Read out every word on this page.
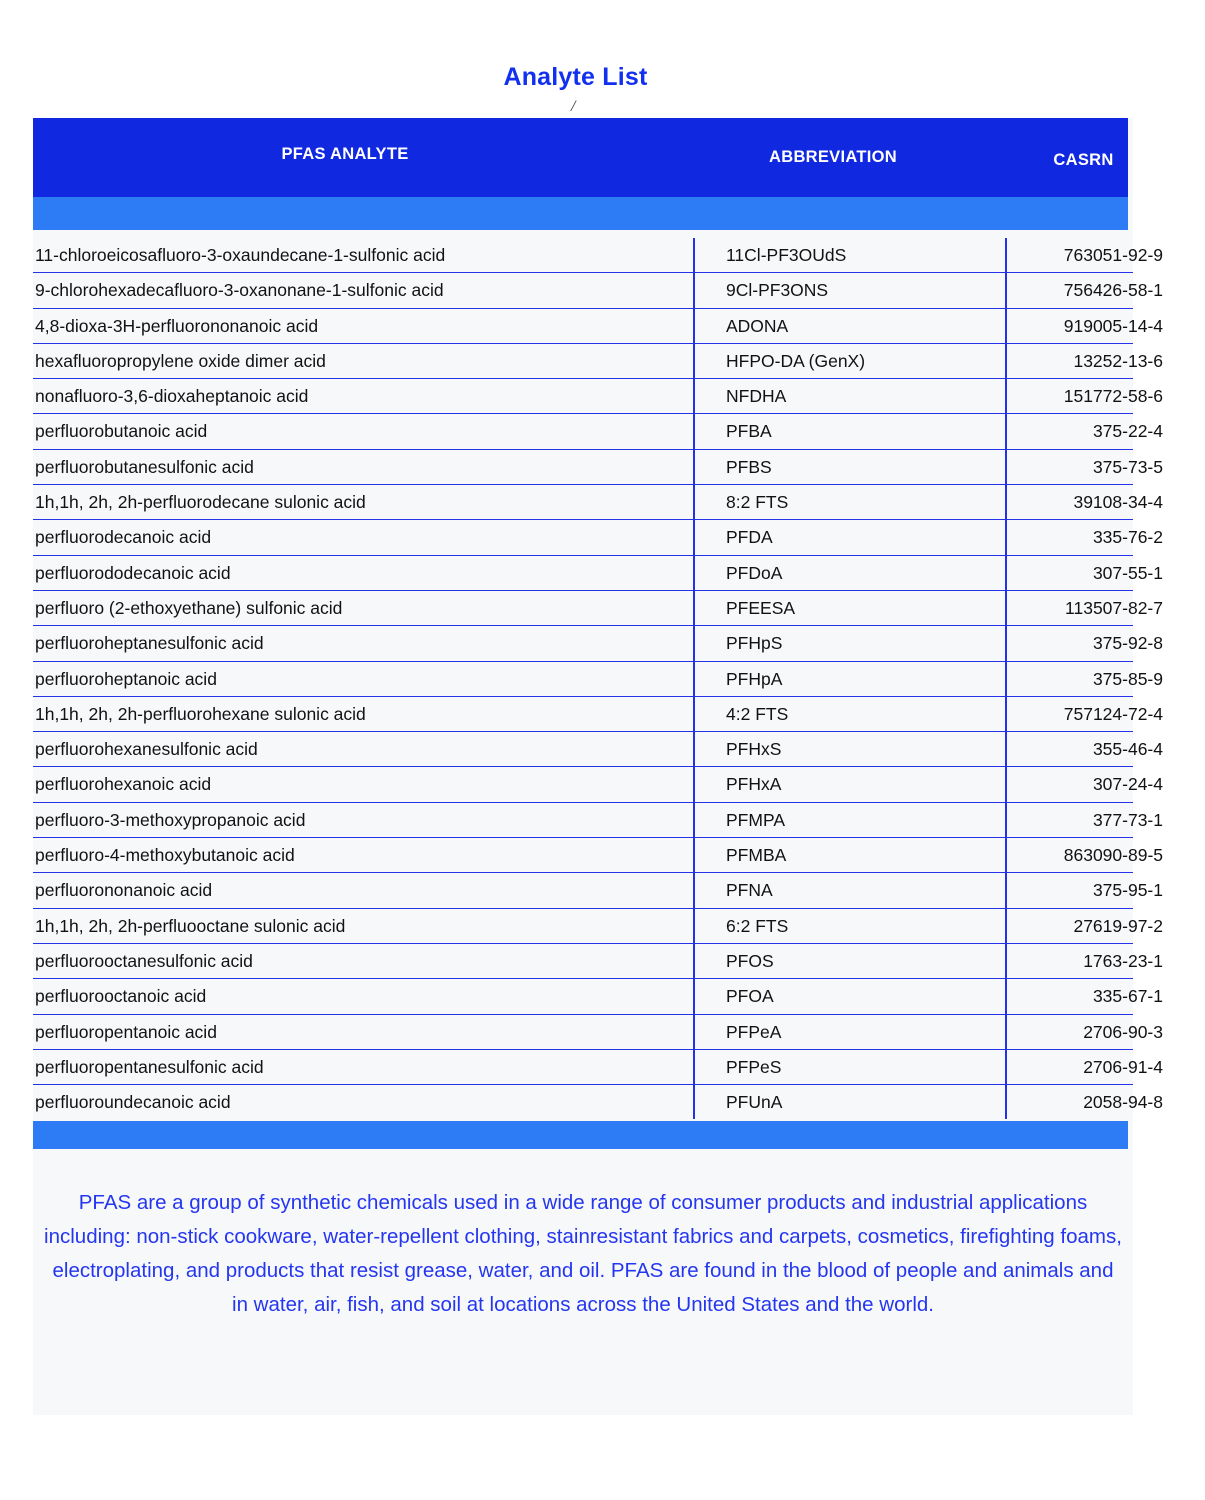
Analyte List
/
PFAS ANALYTE	ABBREVIATION	CASRN
11-chloroeicosafluoro-3-oxaundecane-1-sulfonic acid	11Cl-PF3OUdS	763051-92-9
9-chlorohexadecafluoro-3-oxanonane-1-sulfonic acid	9Cl-PF3ONS	756426-58-1
4,8-dioxa-3H-perfluorononanoic acid	ADONA	919005-14-4
hexafluoropropylene oxide dimer acid	HFPO-DA (GenX)	13252-13-6
nonafluoro-3,6-dioxaheptanoic acid	NFDHA	151772-58-6
perfluorobutanoic acid	PFBA	375-22-4
perfluorobutanesulfonic acid	PFBS	375-73-5
1h,1h, 2h, 2h-perfluorodecane sulonic acid	8:2 FTS	39108-34-4
perfluorodecanoic acid	PFDA	335-76-2
perfluorododecanoic acid	PFDoA	307-55-1
perfluoro (2-ethoxyethane) sulfonic acid	PFEESA	113507-82-7
perfluoroheptanesulfonic acid	PFHpS	375-92-8
perfluoroheptanoic acid	PFHpA	375-85-9
1h,1h, 2h, 2h-perfluorohexane sulonic acid	4:2 FTS	757124-72-4
perfluorohexanesulfonic acid	PFHxS	355-46-4
perfluorohexanoic acid	PFHxA	307-24-4
perfluoro-3-methoxypropanoic acid	PFMPA	377-73-1
perfluoro-4-methoxybutanoic acid	PFMBA	863090-89-5
perfluorononanoic acid	PFNA	375-95-1
1h,1h, 2h, 2h-perfluooctane sulonic acid	6:2 FTS	27619-97-2
perfluorooctanesulfonic acid	PFOS	1763-23-1
perfluorooctanoic acid	PFOA	335-67-1
perfluoropentanoic acid	PFPeA	2706-90-3
perfluoropentanesulfonic acid	PFPeS	2706-91-4
perfluoroundecanoic acid	PFUnA	2058-94-8
PFAS are a group of synthetic chemicals used in a wide range of consumer products and industrial applications including: non-stick cookware, water-repellent clothing, stainresistant fabrics and carpets, cosmetics, firefighting foams, electroplating, and products that resist grease, water, and oil. PFAS are found in the blood of people and animals and in water, air, fish, and soil at locations across the United States and the world.
